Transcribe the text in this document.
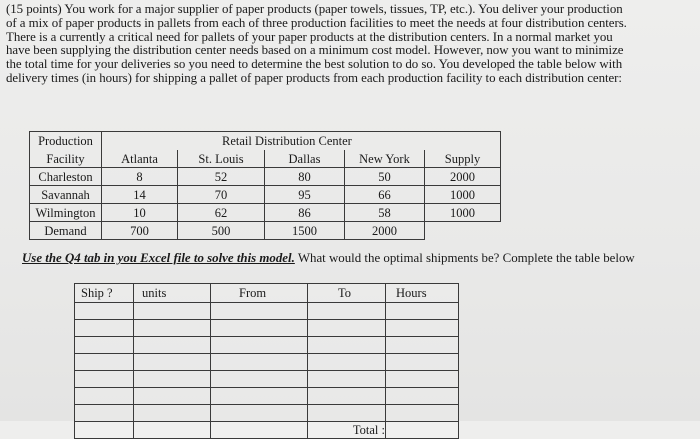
(15 points) You work for a major supplier of paper products (paper towels, tissues, TP, etc.). You deliver your production
of a mix of paper products in pallets from each of three production facilities to meet the needs at four distribution centers.
There is a currently a critical need for pallets of your paper products at the distribution centers. In a normal market you
have been supplying the distribution center needs based on a minimum cost model. However, now you want to minimize
the total time for your deliveries so you need to determine the best solution to do so. You developed the table below with
delivery times (in hours) for shipping a pallet of paper products from each production facility to each distribution center:
Production		Retail Distribution Center			
Facility	Atlanta	St. Louis	Dallas	New York	Supply
Charleston	8	52	80	50	2000
Savannah	14	70	95	66	1000
Wilmington	10	62	86	58	1000
Demand	700	500	1500	2000	
Use the Q4 tab in you Excel file to solve this model. What would the optimal shipments be? Complete the table below
Ship ?	units	From	To	Hours

			Total :	
